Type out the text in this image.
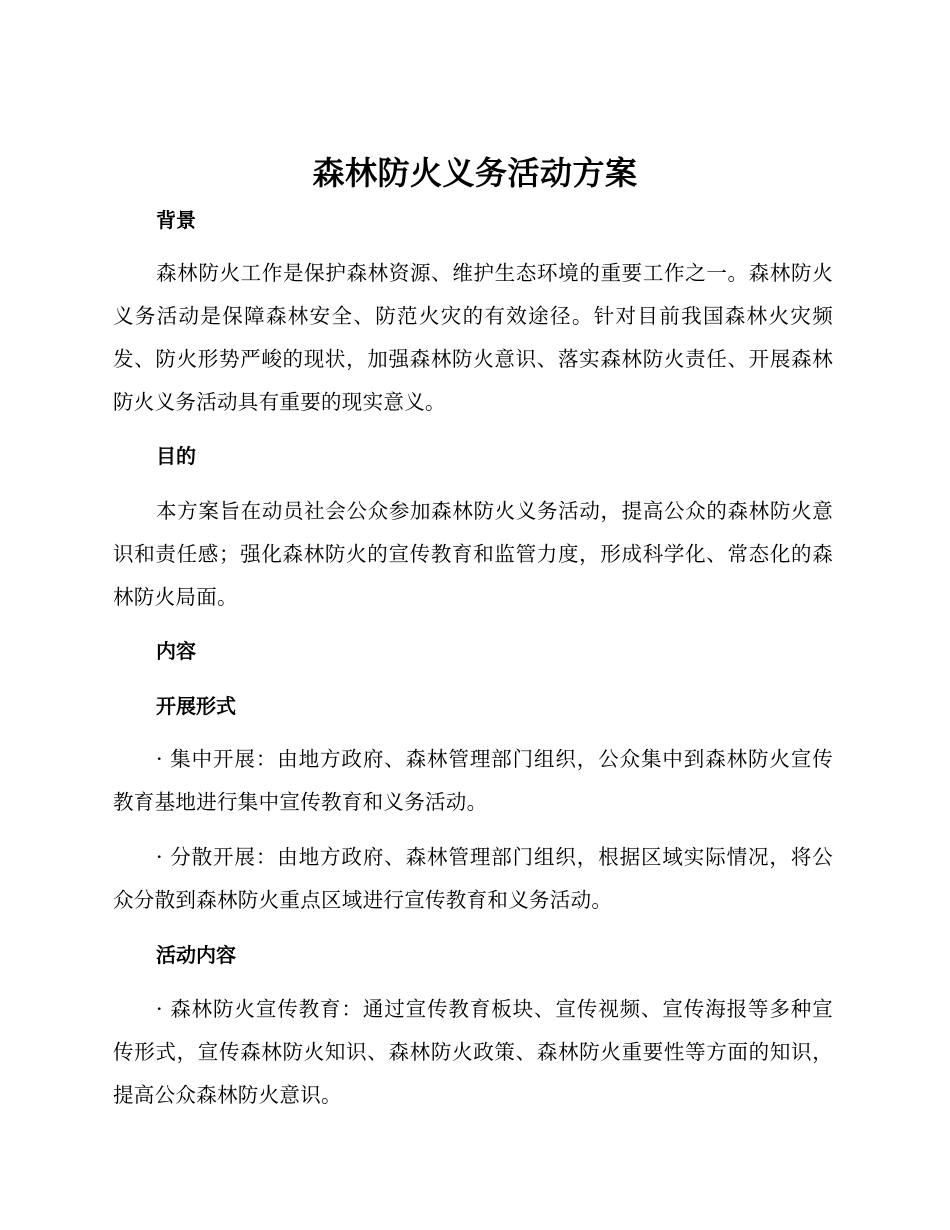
森林防火义务活动方案
背景

森林防火工作是保护森林资源、维护生态环境的重要工作之一。森林防火义务活动是保障森林安全、防范火灾的有效途径。针对目前我国森林火灾频发、防火形势严峻的现状，加强森林防火意识、落实森林防火责任、开展森林防火义务活动具有重要的现实意义。

目的

本方案旨在动员社会公众参加森林防火义务活动，提高公众的森林防火意识和责任感；强化森林防火的宣传教育和监管力度，形成科学化、常态化的森林防火局面。

内容
开展形式

· 集中开展：由地方政府、森林管理部门组织，公众集中到森林防火宣传教育基地进行集中宣传教育和义务活动。

· 分散开展：由地方政府、森林管理部门组织，根据区域实际情况，将公众分散到森林防火重点区域进行宣传教育和义务活动。

活动内容

· 森林防火宣传教育：通过宣传教育板块、宣传视频、宣传海报等多种宣传形式，宣传森林防火知识、森林防火政策、森林防火重要性等方面的知识，提高公众森林防火意识。
